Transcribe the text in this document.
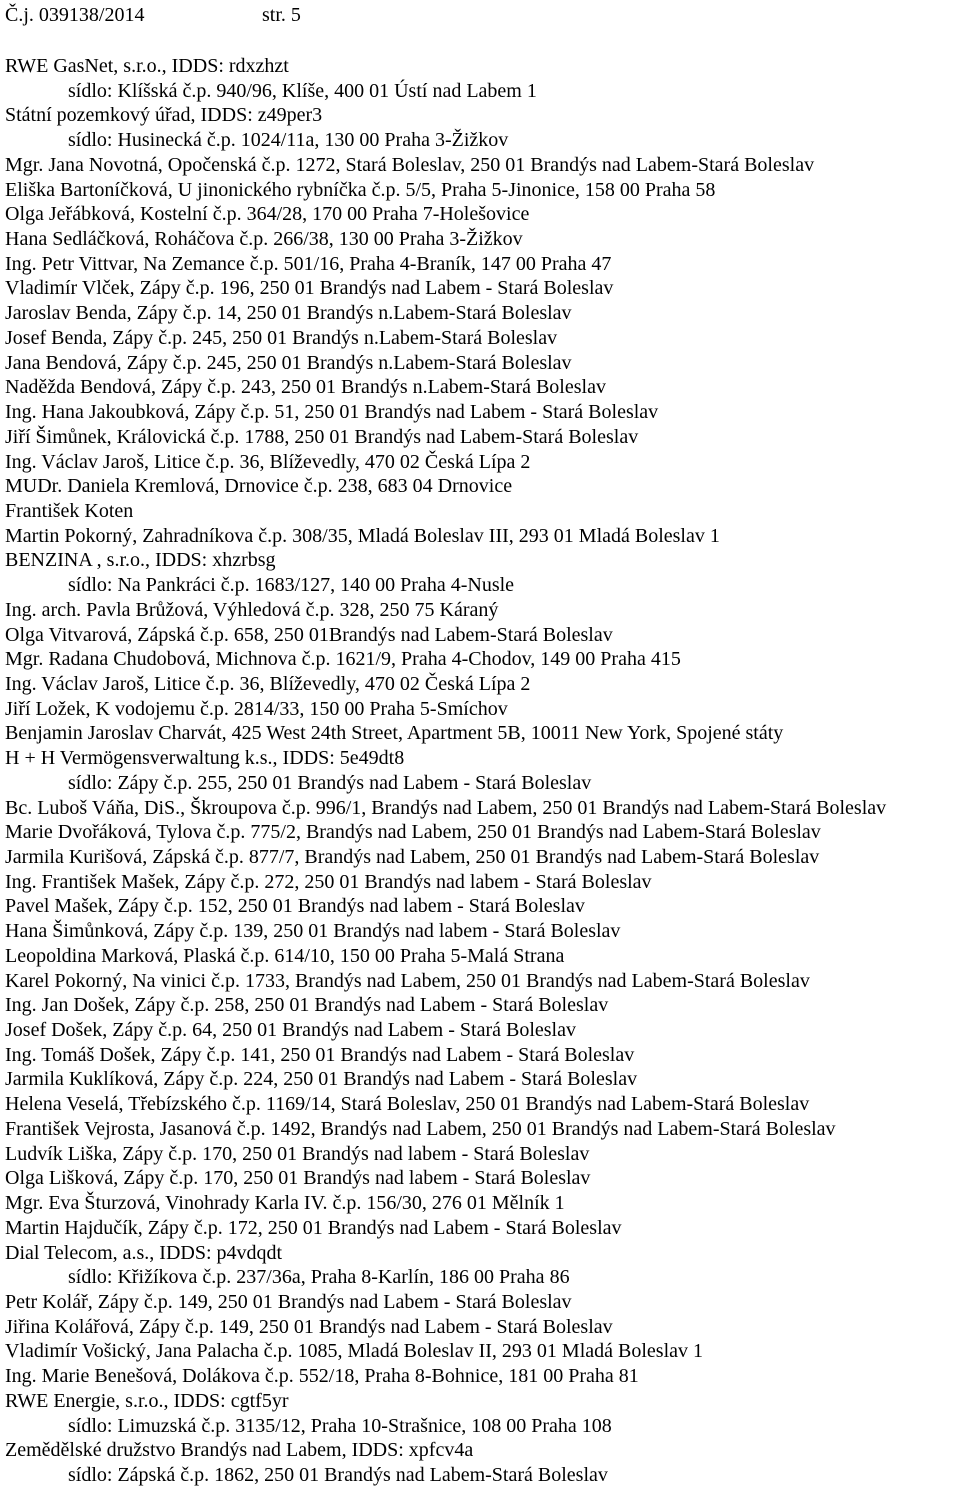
Č.j. 039138/2014	str. 5
RWE GasNet, s.r.o., IDDS: rdxzhzt
sídlo: Klíšská č.p. 940/96, Klíše, 400 01 Ústí nad Labem 1
Státní pozemkový úřad, IDDS: z49per3
sídlo: Husinecká č.p. 1024/11a, 130 00 Praha 3-Žižkov
Mgr. Jana Novotná, Opočenská č.p. 1272, Stará Boleslav, 250 01 Brandýs nad Labem-Stará Boleslav
Eliška Bartoníčková, U jinonického rybníčka č.p. 5/5, Praha 5-Jinonice, 158 00 Praha 58
Olga Jeřábková, Kostelní č.p. 364/28, 170 00 Praha 7-Holešovice
Hana Sedláčková, Roháčova č.p. 266/38, 130 00 Praha 3-Žižkov
Ing. Petr Vittvar, Na Zemance č.p. 501/16, Praha 4-Braník, 147 00 Praha 47
Vladimír Vlček, Zápy č.p. 196, 250 01 Brandýs nad Labem - Stará Boleslav
Jaroslav Benda, Zápy č.p. 14, 250 01 Brandýs n.Labem-Stará Boleslav
Josef Benda, Zápy č.p. 245, 250 01 Brandýs n.Labem-Stará Boleslav
Jana Bendová, Zápy č.p. 245, 250 01 Brandýs n.Labem-Stará Boleslav
Naděžda Bendová, Zápy č.p. 243, 250 01 Brandýs n.Labem-Stará Boleslav
Ing. Hana Jakoubková, Zápy č.p. 51, 250 01 Brandýs nad Labem - Stará Boleslav
Jiří Šimůnek, Královická č.p. 1788, 250 01 Brandýs nad Labem-Stará Boleslav
Ing. Václav Jaroš, Litice č.p. 36, Blíževedly, 470 02 Česká Lípa 2
MUDr. Daniela Kremlová, Drnovice č.p. 238, 683 04 Drnovice
František Koten
Martin Pokorný, Zahradníkova č.p. 308/35, Mladá Boleslav III, 293 01 Mladá Boleslav 1
BENZINA , s.r.o., IDDS: xhzrbsg
sídlo: Na Pankráci č.p. 1683/127, 140 00 Praha 4-Nusle
Ing. arch. Pavla Brůžová, Výhledová č.p. 328, 250 75 Káraný
Olga Vitvarová, Zápská č.p. 658, 250 01Brandýs nad Labem-Stará Boleslav
Mgr. Radana Chudobová, Michnova č.p. 1621/9, Praha 4-Chodov, 149 00 Praha 415
Ing. Václav Jaroš, Litice č.p. 36, Blíževedly, 470 02 Česká Lípa 2
Jiří Ložek, K vodojemu č.p. 2814/33, 150 00 Praha 5-Smíchov
Benjamin Jaroslav Charvát, 425 West 24th Street, Apartment 5B, 10011 New York, Spojené státy
H + H Vermögensverwaltung k.s., IDDS: 5e49dt8
sídlo: Zápy č.p. 255, 250 01 Brandýs nad Labem - Stará Boleslav
Bc. Luboš Váňa, DiS., Škroupova č.p. 996/1, Brandýs nad Labem, 250 01 Brandýs nad Labem-Stará Boleslav
Marie Dvořáková, Tylova č.p. 775/2, Brandýs nad Labem, 250 01 Brandýs nad Labem-Stará Boleslav
Jarmila Kurišová, Zápská č.p. 877/7, Brandýs nad Labem, 250 01 Brandýs nad Labem-Stará Boleslav
Ing. František Mašek, Zápy č.p. 272, 250 01 Brandýs nad labem - Stará Boleslav
Pavel Mašek, Zápy č.p. 152, 250 01 Brandýs nad labem - Stará Boleslav
Hana Šimůnková, Zápy č.p. 139, 250 01 Brandýs nad labem - Stará Boleslav
Leopoldina Marková, Plaská č.p. 614/10, 150 00 Praha 5-Malá Strana
Karel Pokorný, Na vinici č.p. 1733, Brandýs nad Labem, 250 01 Brandýs nad Labem-Stará Boleslav
Ing. Jan Došek, Zápy č.p. 258, 250 01 Brandýs nad Labem - Stará Boleslav
Josef Došek, Zápy č.p. 64, 250 01 Brandýs nad Labem - Stará Boleslav
Ing. Tomáš Došek, Zápy č.p. 141, 250 01 Brandýs nad Labem - Stará Boleslav
Jarmila Kuklíková, Zápy č.p. 224, 250 01 Brandýs nad Labem - Stará Boleslav
Helena Veselá, Třebízského č.p. 1169/14, Stará Boleslav, 250 01 Brandýs nad Labem-Stará Boleslav
František Vejrosta, Jasanová č.p. 1492, Brandýs nad Labem, 250 01 Brandýs nad Labem-Stará Boleslav
Ludvík Liška, Zápy č.p. 170, 250 01 Brandýs nad labem - Stará Boleslav
Olga Lišková, Zápy č.p. 170, 250 01 Brandýs nad labem - Stará Boleslav
Mgr. Eva Šturzová, Vinohrady Karla IV. č.p. 156/30, 276 01 Mělník 1
Martin Hajdučík, Zápy č.p. 172, 250 01 Brandýs nad Labem - Stará Boleslav
Dial Telecom, a.s., IDDS: p4vdqdt
sídlo: Křižíkova č.p. 237/36a, Praha 8-Karlín, 186 00 Praha 86
Petr Kolář, Zápy č.p. 149, 250 01 Brandýs nad Labem - Stará Boleslav
Jiřina Kolářová, Zápy č.p. 149, 250 01 Brandýs nad Labem - Stará Boleslav
Vladimír Vošický, Jana Palacha č.p. 1085, Mladá Boleslav II, 293 01 Mladá Boleslav 1
Ing. Marie Benešová, Dolákova č.p. 552/18, Praha 8-Bohnice, 181 00 Praha 81
RWE Energie, s.r.o., IDDS: cgtf5yr
sídlo: Limuzská č.p. 3135/12, Praha 10-Strašnice, 108 00 Praha 108
Zemědělské družstvo Brandýs nad Labem, IDDS: xpfcv4a
sídlo: Zápská č.p. 1862, 250 01 Brandýs nad Labem-Stará Boleslav
